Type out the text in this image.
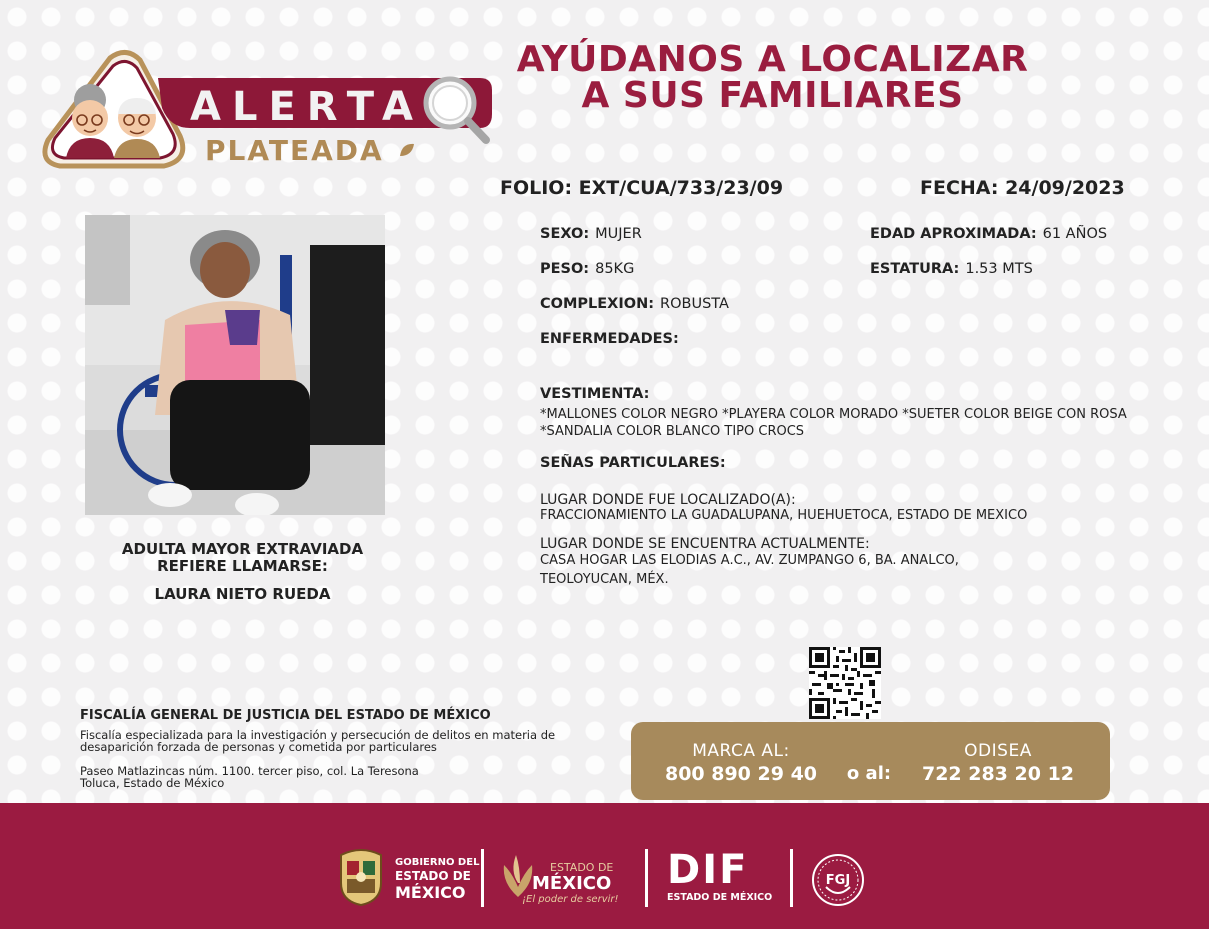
ALERTA
PLATEADA
AYÚDANOS A LOCALIZAR
A SUS FAMILIARES
FOLIO: EXT/CUA/733/23/09	FECHA: 24/09/2023
ADULTA MAYOR EXTRAVIADA
REFIERE LLAMARSE:
LAURA NIETO RUEDA
SEXO: MUJER	EDAD APROXIMADA: 61 AÑOS
PESO: 85KG	ESTATURA: 1.53 MTS
COMPLEXION: ROBUSTA
ENFERMEDADES:
VESTIMENTA:
*MALLONES COLOR NEGRO *PLAYERA COLOR MORADO *SUETER COLOR BEIGE CON ROSA *SANDALIA COLOR BLANCO TIPO CROCS
SEÑAS PARTICULARES:
LUGAR DONDE FUE LOCALIZADO(A):
FRACCIONAMIENTO LA GUADALUPANA, HUEHUETOCA, ESTADO DE MEXICO
LUGAR DONDE SE ENCUENTRA ACTUALMENTE:
CASA HOGAR LAS ELODIAS A.C., AV. ZUMPANGO 6, BA. ANALCO, TEOLOYUCAN, MÉX.
FISCALÍA GENERAL DE JUSTICIA DEL ESTADO DE MÉXICO
Fiscalía especializada para la investigación y persecución de delitos en materia de desaparición forzada de personas y cometida por particulares
Paseo Matlazincas núm. 1100. tercer piso, col. La Teresona
Toluca, Estado de México
MARCA AL:
800 890 29 40	o al:
ODISEA
722 283 20 12
GOBIERNO DEL
ESTADO DE
MÉXICO
ESTADO DE
MÉXICO
¡El poder de servir!
DIF
ESTADO DE MÉXICO
FGJ
